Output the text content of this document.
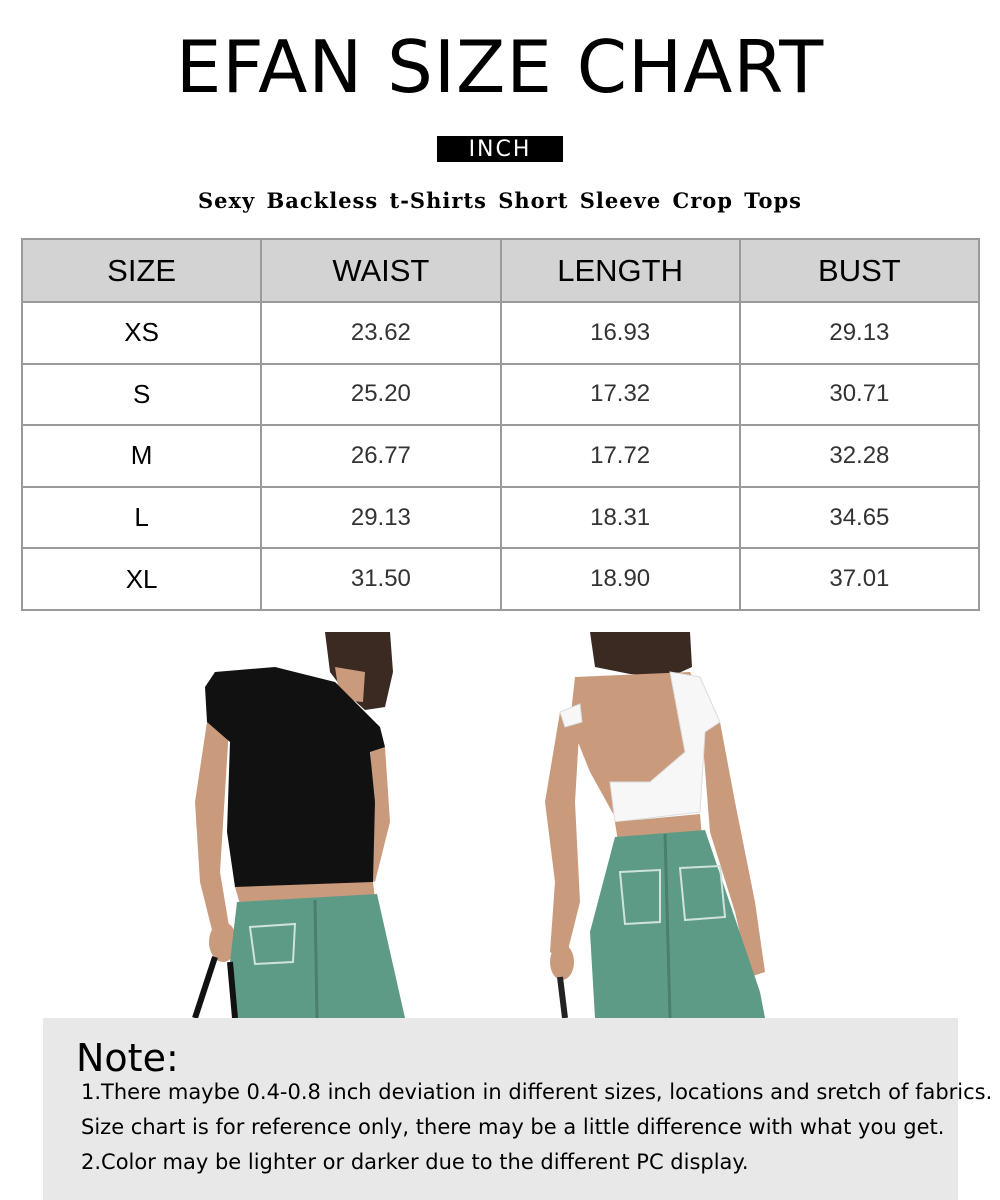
EFAN SIZE CHART
INCH
Sexy Backless t-Shirts Short Sleeve Crop Tops
SIZE	WAIST	LENGTH	BUST
XS	23.62	16.93	29.13
S	25.20	17.32	30.71
M	26.77	17.72	32.28
L	29.13	18.31	34.65
XL	31.50	18.90	37.01
Note:
1.There maybe 0.4-0.8 inch deviation in different sizes, locations and sretch of fabrics.
Size chart is for reference only, there may be a little difference with what you get.
2.Color may be lighter or darker due to the different PC display.
